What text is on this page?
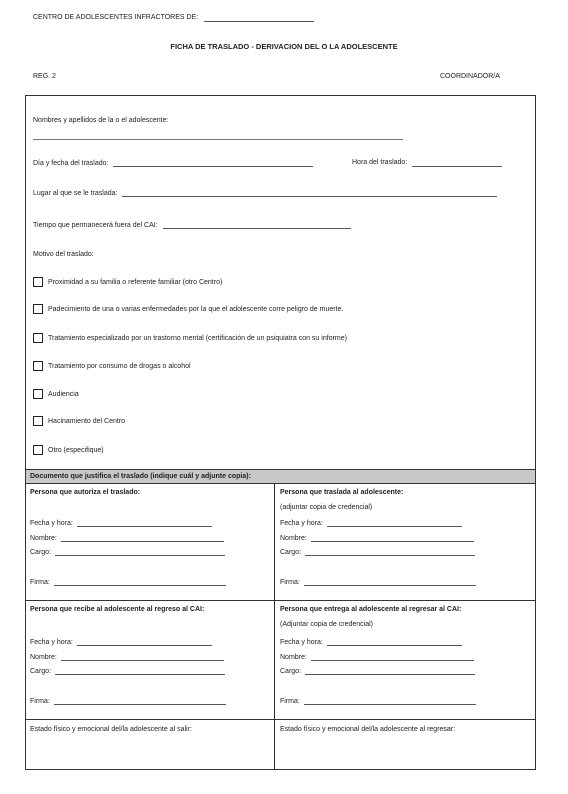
CENTRO DE ADOLESCENTES INFRACTORES DE:
FICHA DE TRASLADO - DERIVACION DEL O LA ADOLESCENTE
REG. 2	COORDINADOR/A
Nombres y apellidos de la o el adolescente:
Día y fecha del traslado:	Hora del traslado:
Lugar al que se le traslada:
Tiempo que permanecerá fuera del CAI:
Motivo del traslado:
Proximidad a su familia o referente familiar (otro Centro)
Padecimiento de una o varias enfermedades por la que el adolescente corre peligro de muerte.
Tratamiento especializado por un trastorno mental (certificación de un psiquiatra con su informe)
Tratamiento por consumo de drogas o alcohol
Audiencia
Hacinamiento del Centro
Otro (especifique)
Documento que justifica el traslado (indique cuál y adjunte copia):
Persona que autoriza el traslado:
Fecha y hora:
Nombre:
Cargo:
Firma:
Persona que traslada al adolescente:
(adjuntar copia de credencial)
Fecha y hora:
Nombre:
Cargo:
Firma:
Persona que recibe al adolescente al regreso al CAI:
Fecha y hora:
Nombre:
Cargo:
Firma:
Persona que entrega al adolescente al regresar al CAI:
(Adjuntar copia de credencial)
Fecha y hora:
Nombre:
Cargo:
Firma:
Estado físico y emocional del/la adolescente al salir:	Estado físico y emocional del/la adolescente al regresar:
